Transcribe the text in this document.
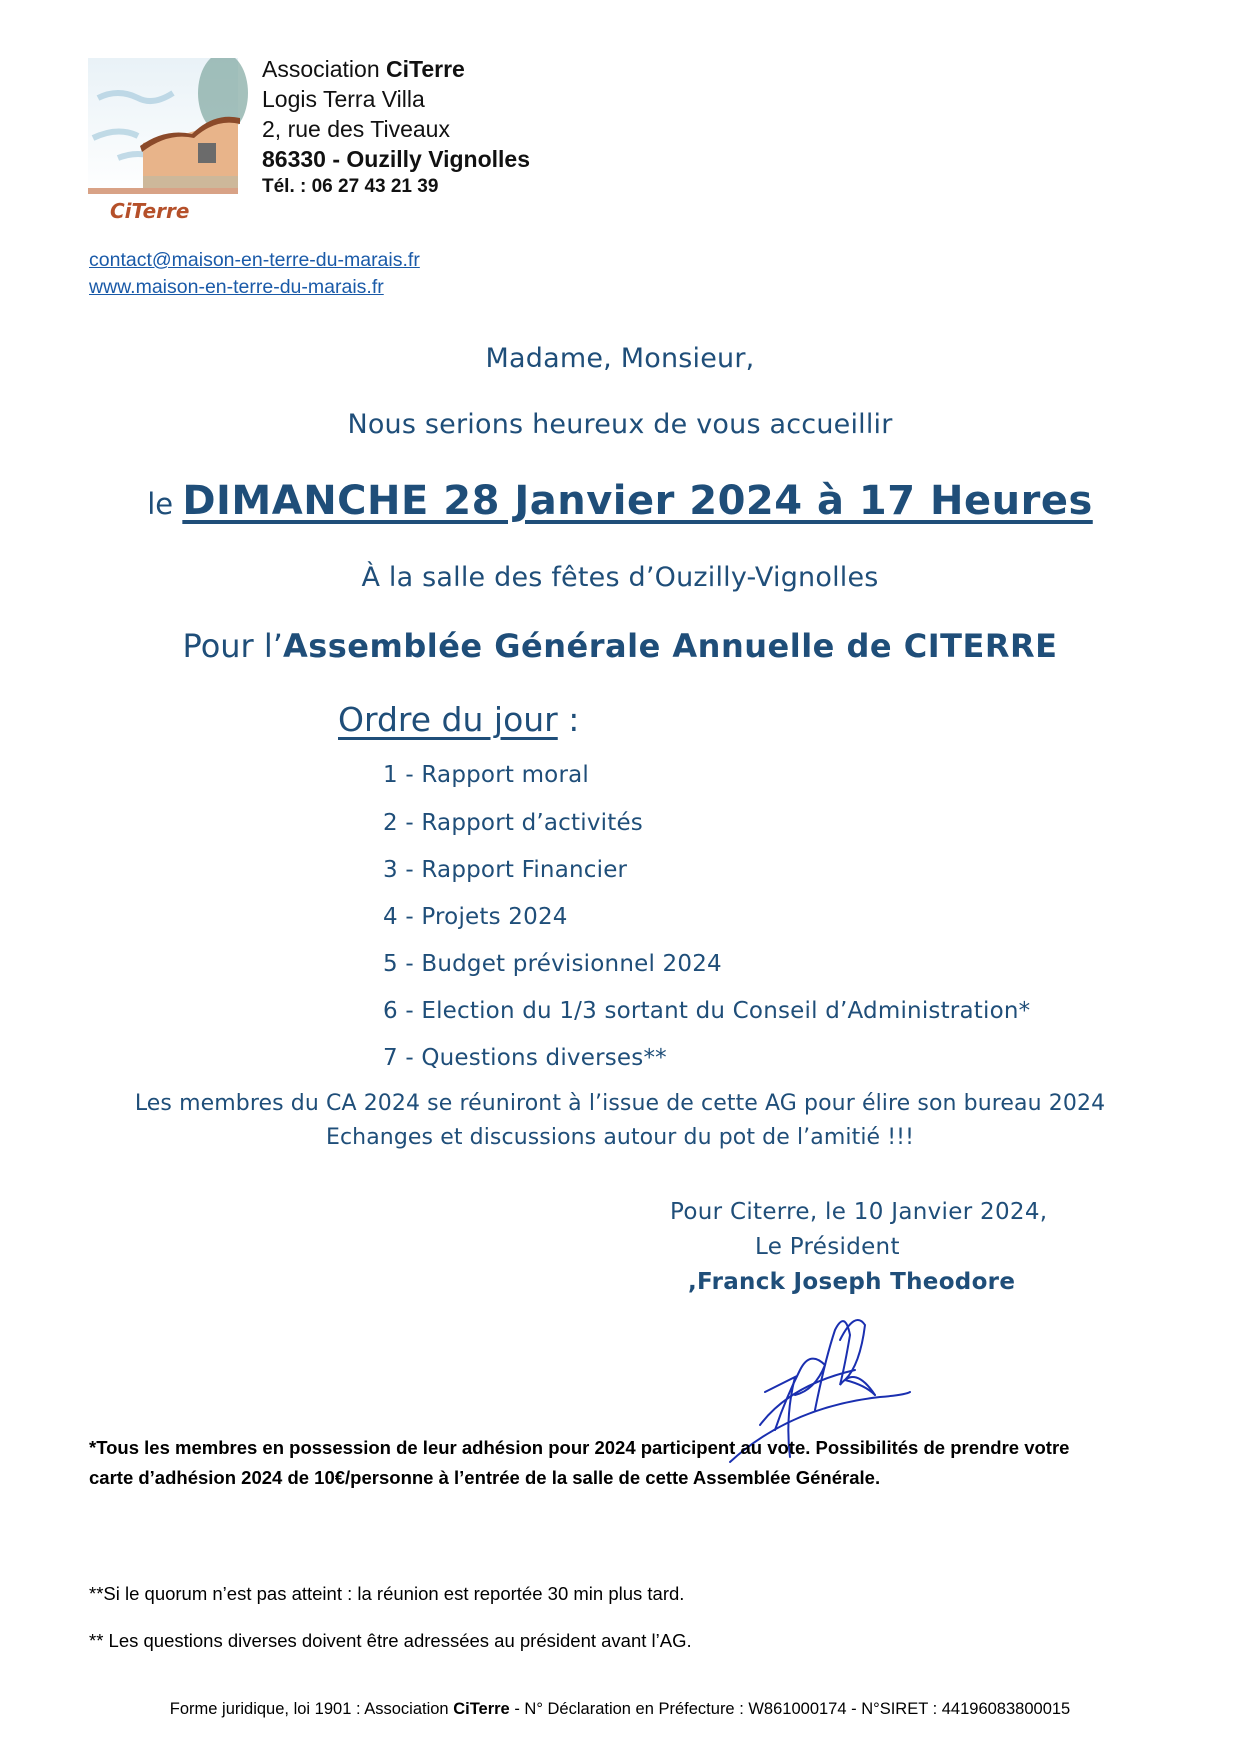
CiTerre
Association CiTerre
Logis Terra Villa
2, rue des Tiveaux
86330 - Ouzilly Vignolles
Tél. : 06 27 43 21 39
contact@maison-en-terre-du-marais.fr
www.maison-en-terre-du-marais.fr
Madame, Monsieur,
Nous serions heureux de vous accueillir
le DIMANCHE 28 Janvier 2024 à 17 Heures
À la salle des fêtes d’Ouzilly-Vignolles
Pour l’Assemblée Générale Annuelle de CITERRE
Ordre du jour :
1 - Rapport moral
2 - Rapport d’activités
3 - Rapport Financier
4 - Projets 2024
5 - Budget prévisionnel 2024
6 - Election du 1/3 sortant du Conseil d’Administration*
7 - Questions diverses**
Les membres du CA 2024 se réuniront à l’issue de cette AG pour élire son bureau 2024
Echanges et discussions autour du pot de l’amitié !!!
Pour Citerre, le 10 Janvier 2024,
Le Président
,Franck Joseph Theodore
*Tous les membres en possession de leur adhésion pour 2024 participent au vote. Possibilités de prendre votre
carte d’adhésion 2024 de 10€/personne à l’entrée de la salle de cette Assemblée Générale.
**Si le quorum n’est pas atteint : la réunion est reportée 30 min plus tard.
** Les questions diverses doivent être adressées au président avant l’AG.
Forme juridique, loi 1901 : Association CiTerre - N° Déclaration en Préfecture : W861000174 - N°SIRET : 44196083800015
